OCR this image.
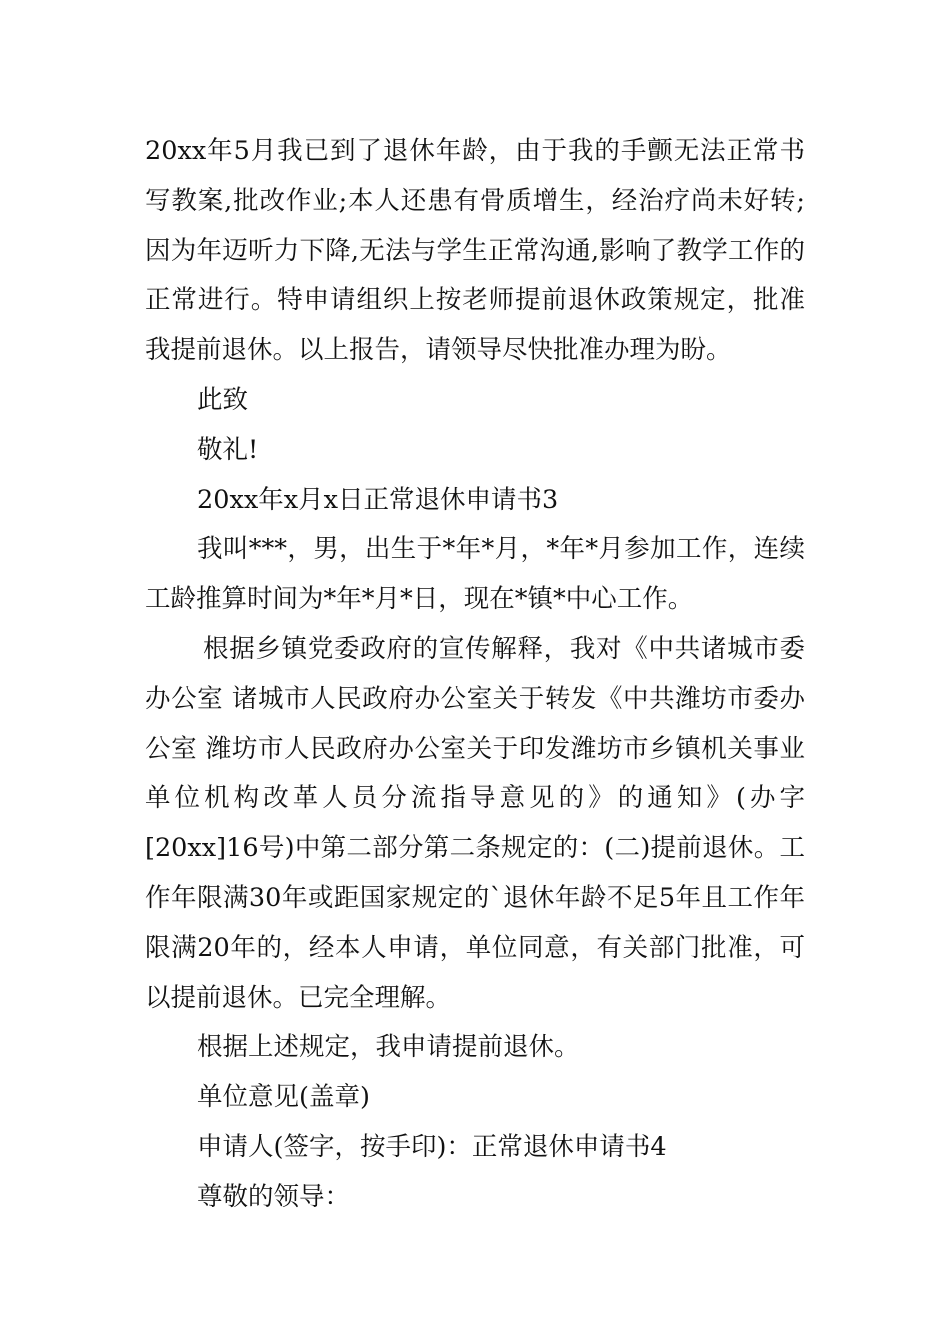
20xx年5月我已到了退休年龄，由于我的手颤无法正常书写教案,批改作业;本人还患有骨质增生，经治疗尚未好转;因为年迈听力下降,无法与学生正常沟通,影响了教学工作的正常进行。特申请组织上按老师提前退休政策规定，批准我提前退休。以上报告，请领导尽快批准办理为盼。

此致

敬礼!

20xx年x月x日正常退休申请书3

我叫***，男，出生于*年*月，*年*月参加工作，连续工龄推算时间为*年*月*日，现在*镇*中心工作。

根据乡镇党委政府的宣传解释，我对《中共诸城市委办公室 诸城市人民政府办公室关于转发《中共潍坊市委办公室 潍坊市人民政府办公室关于印发潍坊市乡镇机关事业单位机构改革人员分流指导意见的》的通知》(办字[20xx]16号)中第二部分第二条规定的：(二)提前退休。工作年限满30年或距国家规定的`退休年龄不足5年且工作年限满20年的，经本人申请，单位同意，有关部门批准，可以提前退休。已完全理解。

根据上述规定，我申请提前退休。

单位意见(盖章)

申请人(签字，按手印)：正常退休申请书4

尊敬的领导：
